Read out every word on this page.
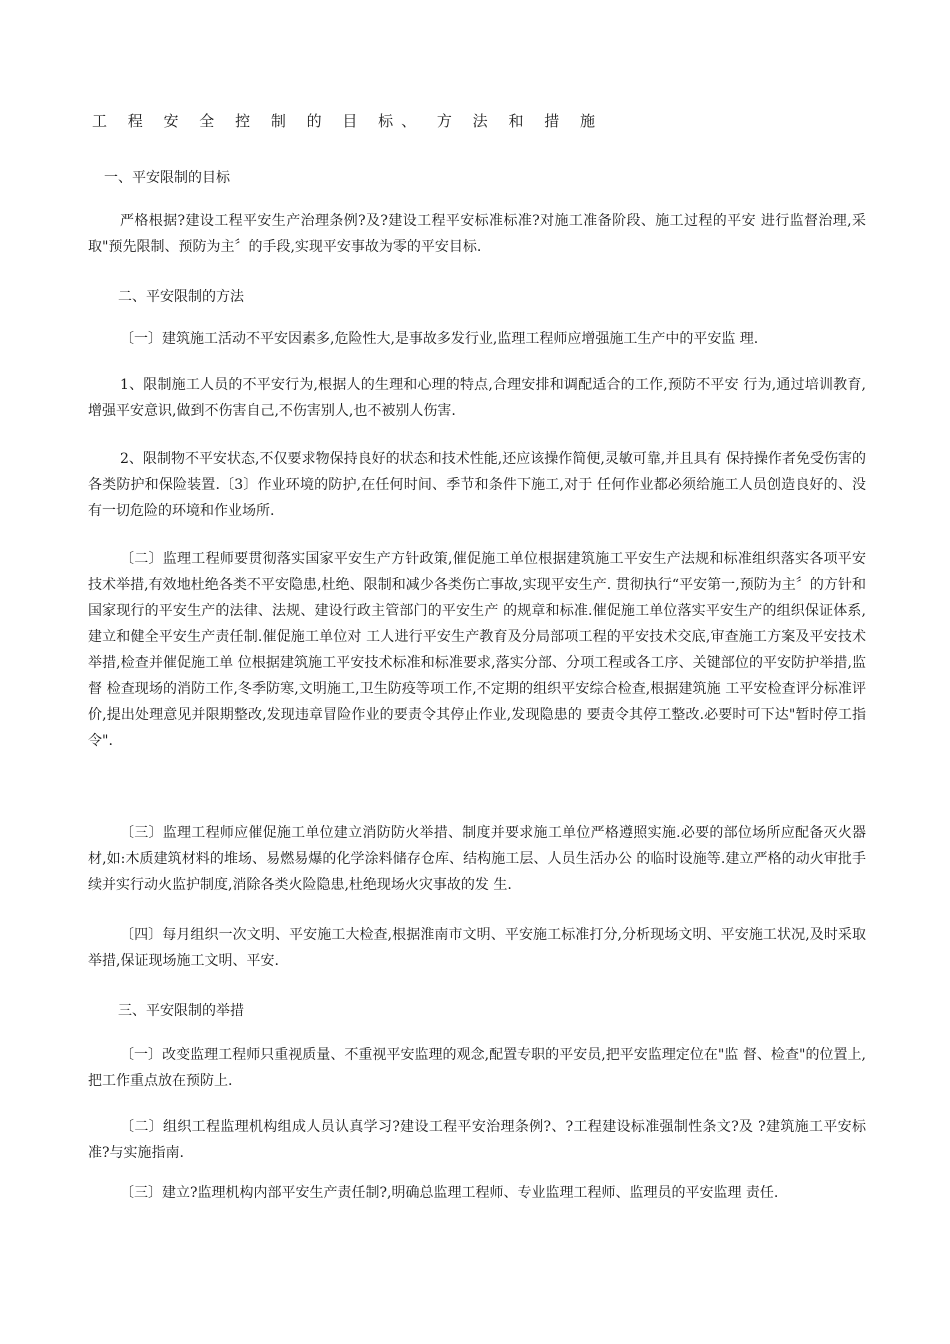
工 程 安 全 控 制 的 目 标、 方 法 和 措 施
一、平安限制的目标
严格根据?建设工程平安生产治理条例?及?建设工程平安标准标准?对施工准备阶段、施工过程的平安 进行监督治理,采取"预先限制、预防为主〞的手段,实现平安事故为零的平安目标.
二、平安限制的方法
〔一〕建筑施工活动不平安因素多,危险性大,是事故多发行业,监理工程师应增强施工生产中的平安监 理.
1、限制施工人员的不平安行为,根据人的生理和心理的特点,合理安排和调配适合的工作,预防不平安 行为,通过培训教育,增强平安意识,做到不伤害自己,不伤害别人,也不被别人伤害.
2、限制物不平安状态,不仅要求物保持良好的状态和技术性能,还应该操作简便,灵敏可靠,并且具有 保持操作者免受伤害的各类防护和保险装置.〔3〕作业环境的防护,在任何时间、季节和条件下施工,对于 任何作业都必须给施工人员创造良好的、没有一切危险的环境和作业场所.
〔二〕监理工程师要贯彻落实国家平安生产方针政策,催促施工单位根据建筑施工平安生产法规和标准组织落实各项平安技术举措,有效地杜绝各类不平安隐患,杜绝、限制和减少各类伤亡事故,实现平安生产. 贯彻执行“平安第一,预防为主〞的方针和国家现行的平安生产的法律、法规、建设行政主管部门的平安生产 的规章和标准.催促施工单位落实平安生产的组织保证体系,建立和健全平安生产责任制.催促施工单位对 工人进行平安生产教育及分局部项工程的平安技术交底,审查施工方案及平安技术举措,检查并催促施工单 位根据建筑施工平安技术标准和标准要求,落实分部、分项工程或各工序、关键部位的平安防护举措,监督 检查现场的消防工作,冬季防寒,文明施工,卫生防疫等项工作,不定期的组织平安综合检查,根据建筑施 工平安检查评分标准评价,提出处理意见并限期整改,发现违章冒险作业的要责令其停止作业,发现隐患的 要责令其停工整改.必要时可下达"暂时停工指令".
〔三〕监理工程师应催促施工单位建立消防防火举措、制度并要求施工单位严格遵照实施.必要的部位场所应配备灭火器材,如:木质建筑材料的堆场、易燃易爆的化学涂料储存仓库、结构施工层、人员生活办公 的临时设施等.建立严格的动火审批手续并实行动火监护制度,消除各类火险隐患,杜绝现场火灾事故的发 生.
〔四〕每月组织一次文明、平安施工大检查,根据淮南市文明、平安施工标准打分,分析现场文明、平安施工状况,及时采取举措,保证现场施工文明、平安.
三、平安限制的举措
〔一〕改变监理工程师只重视质量、不重视平安监理的观念,配置专职的平安员,把平安监理定位在"监 督、检查"的位置上,把工作重点放在预防上.
〔二〕组织工程监理机构组成人员认真学习?建设工程平安治理条例?、?工程建设标准强制性条文?及 ?建筑施工平安标准?与实施指南.
〔三〕建立?监理机构内部平安生产责任制?,明确总监理工程师、专业监理工程师、监理员的平安监理 责任.
